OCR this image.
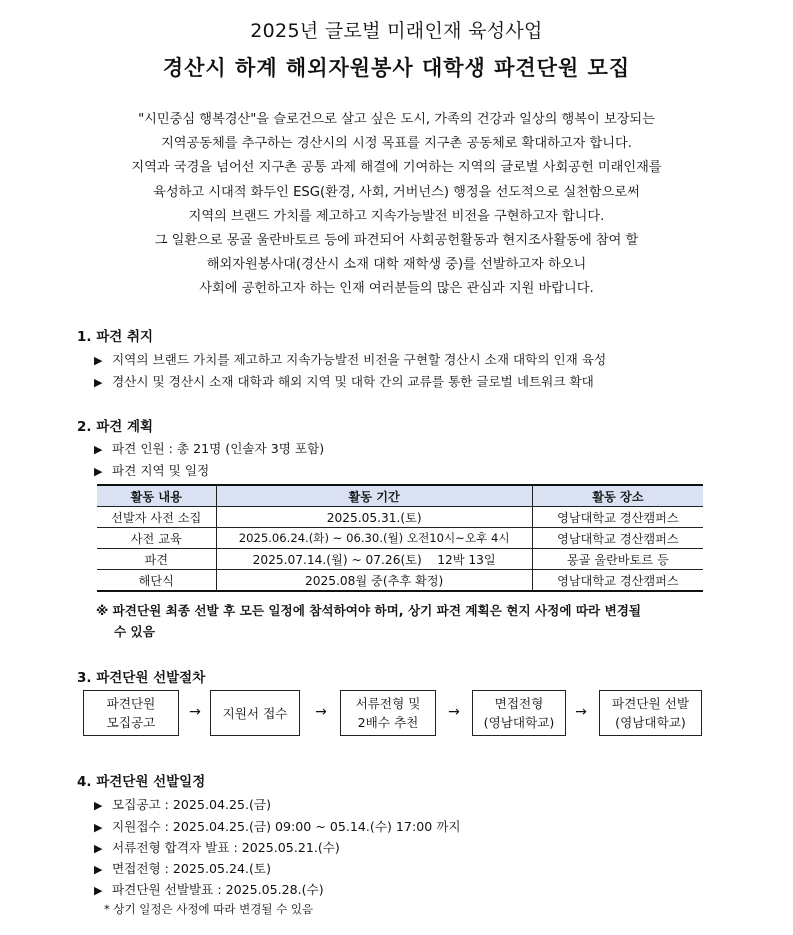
2025년 글로벌 미래인재 육성사업
경산시 하계 해외자원봉사 대학생 파견단원 모집
"시민중심 행복경산"을 슬로건으로 살고 싶은 도시, 가족의 건강과 일상의 행복이 보장되는
지역공동체를 추구하는 경산시의 시정 목표를 지구촌 공동체로 확대하고자 합니다.
지역과 국경을 넘어선 지구촌 공통 과제 해결에 기여하는 지역의 글로벌 사회공헌 미래인재를
육성하고 시대적 화두인 ESG(환경, 사회, 거버넌스) 행정을 선도적으로 실천함으로써
지역의 브랜드 가치를 제고하고 지속가능발전 비전을 구현하고자 합니다.
그 일환으로 몽골 울란바토르 등에 파견되어 사회공헌활동과 현지조사활동에 참여 할
해외자원봉사대(경산시 소재 대학 재학생 중)를 선발하고자 하오니
사회에 공헌하고자 하는 인재 여러분들의 많은 관심과 지원 바랍니다.
1. 파견 취지
▶ 지역의 브랜드 가치를 제고하고 지속가능발전 비전을 구현할 경산시 소재 대학의 인재 육성
▶ 경산시 및 경산시 소재 대학과 해외 지역 및 대학 간의 교류를 통한 글로벌 네트워크 확대
2. 파견 계획
▶ 파견 인원 : 총 21명 (인솔자 3명 포함)
▶ 파견 지역 및 일정
활동 내용	활동 기간	활동 장소
선발자 사전 소집	2025.05.31.(토)	영남대학교 경산캠퍼스
사전 교육	2025.06.24.(화) ~ 06.30.(월) 오전10시~오후 4시	영남대학교 경산캠퍼스
파견	2025.07.14.(월) ~ 07.26(토)    12박 13일	몽골 울란바토르 등
해단식	2025.08월 중(추후 확정)	영남대학교 경산캠퍼스
※ 파견단원 최종 선발 후 모든 일정에 참석하여야 하며, 상기 파견 계획은 현지 사정에 따라 변경될
수 있음
3. 파견단원 선발절차
파견단원
모집공고
→	지원서 접수 →
서류전형 및
2배수 추천
→
면접전형
(영남대학교)
→
파견단원 선발
(영남대학교)
4. 파견단원 선발일정
▶ 모집공고 : 2025.04.25.(금)
▶ 지원접수 : 2025.04.25.(금) 09:00 ~ 05.14.(수) 17:00 까지
▶ 서류전형 합격자 발표 : 2025.05.21.(수)
▶ 면접전형 : 2025.05.24.(토)
▶ 파견단원 선발발표 : 2025.05.28.(수)
* 상기 일정은 사정에 따라 변경될 수 있음
